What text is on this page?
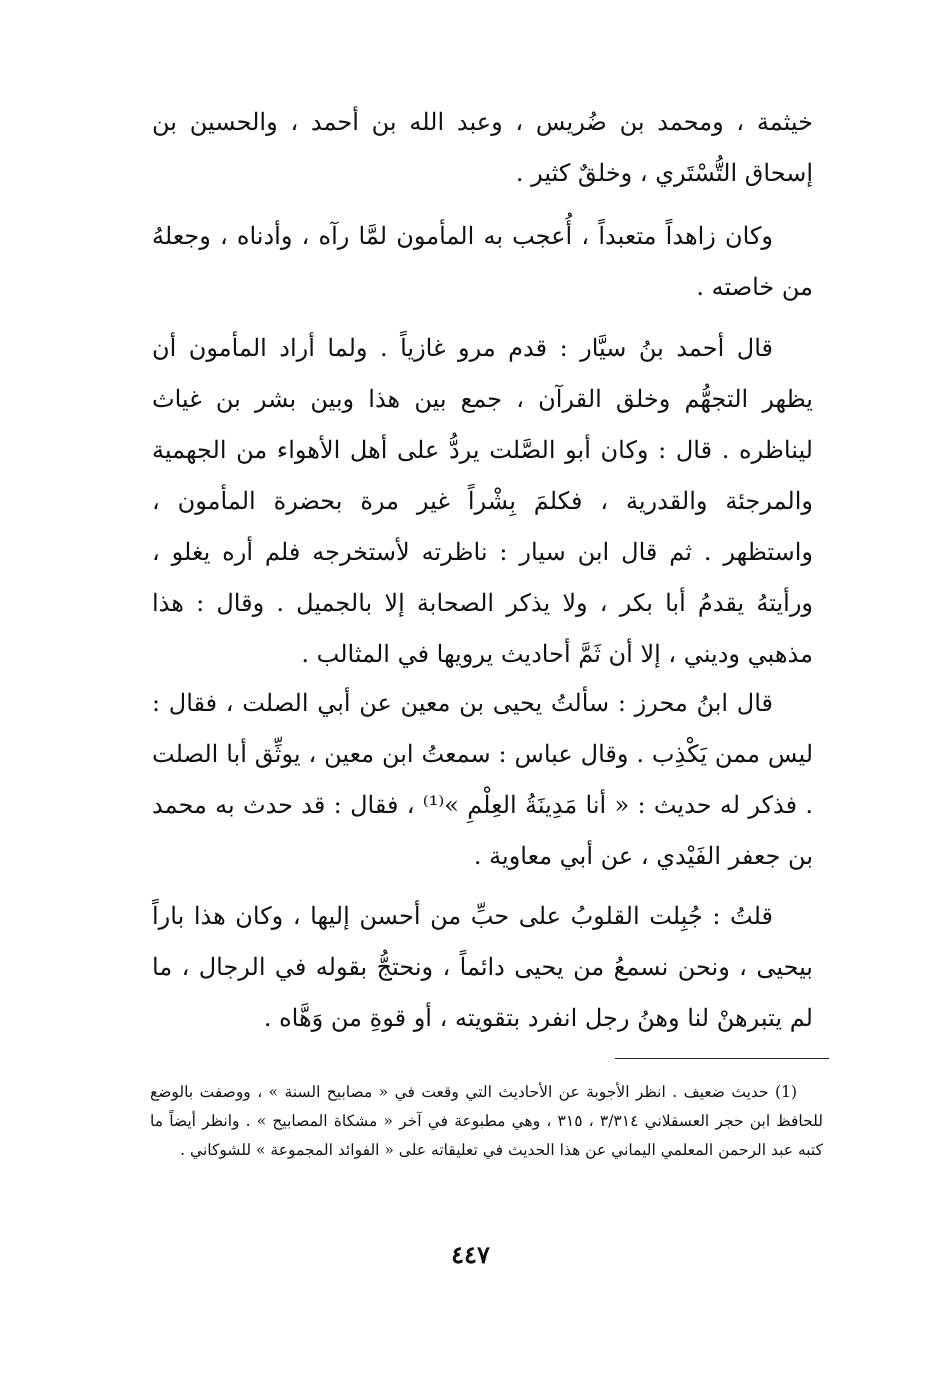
خيثمة ، ومحمد بن ضُريس ، وعبد الله بن أحمد ، والحسين بن إسحاق التُّسْتَري ، وخلقٌ كثير .

وكان زاهداً متعبداً ، أُعجب به المأمون لمَّا رآه ، وأدناه ، وجعلهُ من خاصته .

قال أحمد بنُ سيَّار : قدم مرو غازياً . ولما أراد المأمون أن يظهر التجهُّم وخلق القرآن ، جمع بين هذا وبين بشر بن غياث ليناظره . قال : وكان أبو الصَّلت يردُّ على أهل الأهواء من الجهمية والمرجئة والقدرية ، فكلمَ بِشْراً غير مرة بحضرة المأمون ، واستظهر . ثم قال ابن سيار : ناظرته لأستخرجه فلم أره يغلو ، ورأيتهُ يقدمُ أبا بكر ، ولا يذكر الصحابة إلا بالجميل . وقال : هذا مذهبي وديني ، إلا أن ثَمَّ أحاديث يرويها في المثالب .

قال ابنُ محرز : سألتُ يحيى بن معين عن أبي الصلت ، فقال : ليس ممن يَكْذِب . وقال عباس : سمعتُ ابن معين ، يوثِّق أبا الصلت . فذكر له حديث : « أنا مَدِينَةُ العِلْمِ »⁽¹⁾ ، فقال : قد حدث به محمد بن جعفر الفَيْدي ، عن أبي معاوية .

قلتُ : جُبِلت القلوبُ على حبِّ من أحسن إليها ، وكان هذا باراً بيحيى ، ونحن نسمعُ من يحيى دائماً ، ونحتجُّ بقوله في الرجال ، ما لم يتبرهنْ لنا وهنُ رجل انفرد بتقويته ، أو قوةِ من وَهَّاه .

(1) حديث ضعيف . انظر الأجوبة عن الأحاديث التي وقعت في « مصابيح السنة » ، ووصفت بالوضع للحافظ ابن حجر العسقلاني ٣/٣١٤ ، ٣١٥ ، وهي مطبوعة في آخر « مشكاة المصابيح » . وانظر أيضاً ما كتبه عبد الرحمن المعلمي اليماني عن هذا الحديث في تعليقاته على « الفوائد المجموعة » للشوكاني .
٤٤٧
